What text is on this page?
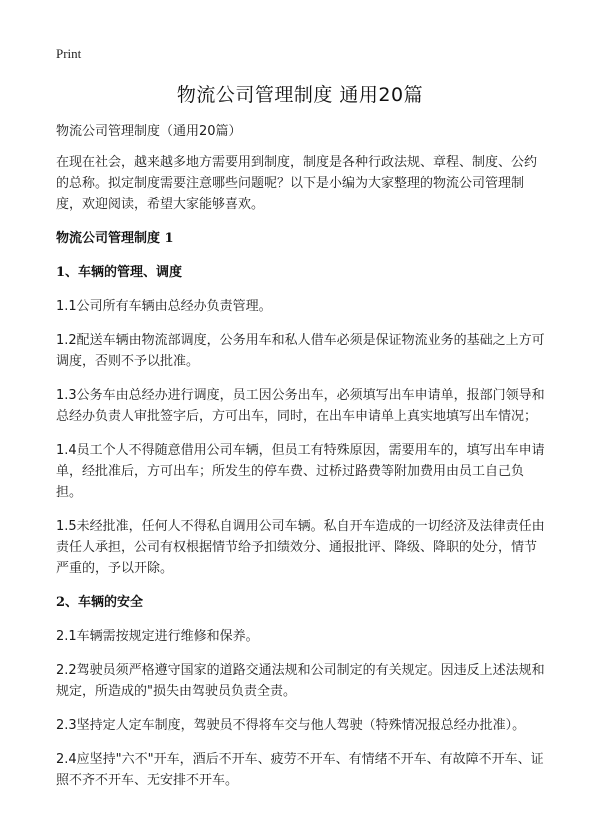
Print
物流公司管理制度 通用20篇

物流公司管理制度（通用20篇）

在现在社会，越来越多地方需要用到制度，制度是各种行政法规、章程、制度、公约的总称。拟定制度需要注意哪些问题呢？以下是小编为大家整理的物流公司管理制度，欢迎阅读，希望大家能够喜欢。

物流公司管理制度 1

1、车辆的管理、调度

1.1公司所有车辆由总经办负责管理。

1.2配送车辆由物流部调度，公务用车和私人借车必须是保证物流业务的基础之上方可调度，否则不予以批准。

1.3公务车由总经办进行调度，员工因公务出车，必须填写出车申请单，报部门领导和总经办负责人审批签字后，方可出车，同时，在出车申请单上真实地填写出车情况；

1.4员工个人不得随意借用公司车辆，但员工有特殊原因，需要用车的，填写出车申请单，经批准后，方可出车；所发生的停车费、过桥过路费等附加费用由员工自己负担。

1.5未经批准，任何人不得私自调用公司车辆。私自开车造成的一切经济及法律责任由责任人承担，公司有权根据情节给予扣绩效分、通报批评、降级、降职的处分，情节严重的，予以开除。

2、车辆的安全

2.1车辆需按规定进行维修和保养。

2.2驾驶员须严格遵守国家的道路交通法规和公司制定的有关规定。因违反上述法规和规定，所造成的"损失由驾驶员负责全责。

2.3坚持定人定车制度，驾驶员不得将车交与他人驾驶（特殊情况报总经办批准）。

2.4应坚持"六不"开车，酒后不开车、疲劳不开车、有情绪不开车、有故障不开车、证照不齐不开车、无安排不开车。
